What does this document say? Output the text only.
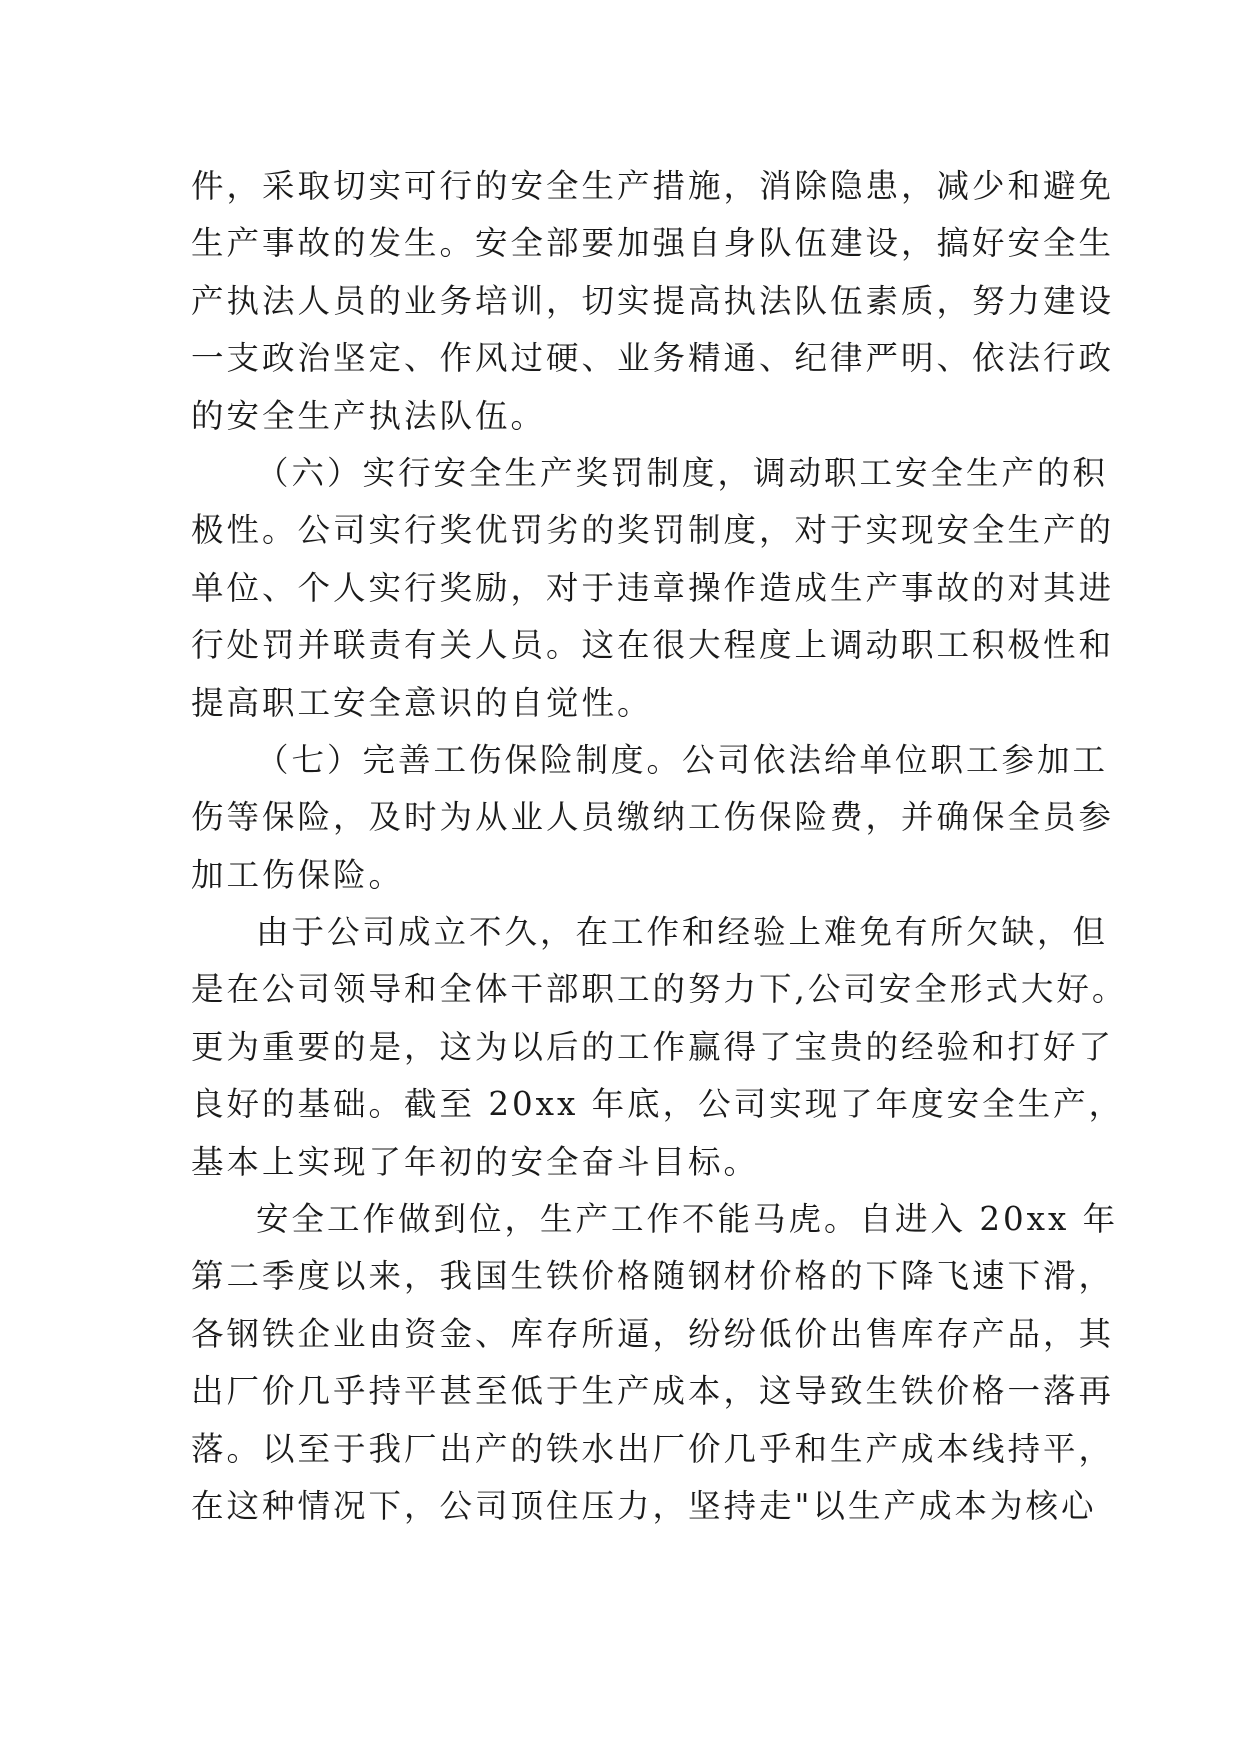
件，采取切实可行的安全生产措施，消除隐患，减少和避免
生产事故的发生。安全部要加强自身队伍建设，搞好安全生
产执法人员的业务培训，切实提高执法队伍素质，努力建设
一支政治坚定、作风过硬、业务精通、纪律严明、依法行政
的安全生产执法队伍。
（六）实行安全生产奖罚制度，调动职工安全生产的积
极性。公司实行奖优罚劣的奖罚制度，对于实现安全生产的
单位、个人实行奖励，对于违章操作造成生产事故的对其进
行处罚并联责有关人员。这在很大程度上调动职工积极性和
提高职工安全意识的自觉性。
（七）完善工伤保险制度。公司依法给单位职工参加工
伤等保险，及时为从业人员缴纳工伤保险费，并确保全员参
加工伤保险。
由于公司成立不久，在工作和经验上难免有所欠缺，但
是在公司领导和全体干部职工的努力下,公司安全形式大好。
更为重要的是，这为以后的工作赢得了宝贵的经验和打好了
良好的基础。截至 20xx 年底，公司实现了年度安全生产，
基本上实现了年初的安全奋斗目标。
安全工作做到位，生产工作不能马虎。自进入 20xx 年
第二季度以来，我国生铁价格随钢材价格的下降飞速下滑，
各钢铁企业由资金、库存所逼，纷纷低价出售库存产品，其
出厂价几乎持平甚至低于生产成本，这导致生铁价格一落再
落。以至于我厂出产的铁水出厂价几乎和生产成本线持平，
在这种情况下，公司顶住压力，坚持走"以生产成本为核心
